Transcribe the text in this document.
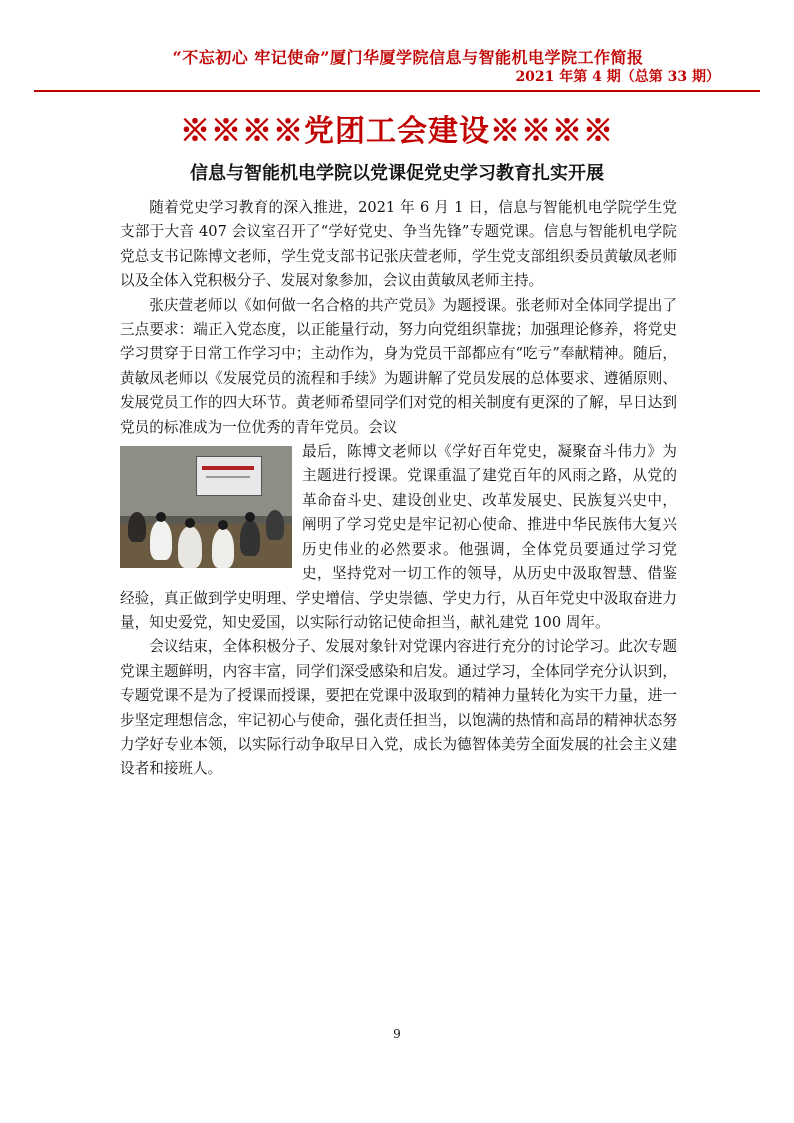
“不忘初心 牢记使命”厦门华厦学院信息与智能机电学院工作简报
2021 年第 4 期（总第 33 期）
※※※※党团工会建设※※※※
信息与智能机电学院以党课促党史学习教育扎实开展

随着党史学习教育的深入推进，2021 年 6 月 1 日，信息与智能机电学院学生党支部于大音 407 会议室召开了“学好党史、争当先锋”专题党课。信息与智能机电学院党总支书记陈博文老师，学生党支部书记张庆萱老师，学生党支部组织委员黄敏凤老师以及全体入党积极分子、发展对象参加，会议由黄敏凤老师主持。

张庆萱老师以《如何做一名合格的共产党员》为题授课。张老师对全体同学提出了三点要求：端正入党态度，以正能量行动，努力向党组织靠拢；加强理论修养，将党史学习贯穿于日常工作学习中；主动作为，身为党员干部都应有“吃亏”奉献精神。随后，黄敏凤老师以《发展党员的流程和手续》为题讲解了党员发展的总体要求、遵循原则、发展党员工作的四大环节。黄老师希望同学们对党的相关制度有更深的了解，早日达到党员的标准成为一位优秀的青年党员。会议

最后，陈博文老师以《学好百年党史，凝聚奋斗伟力》为主题进行授课。党课重温了建党百年的风雨之路，从党的革命奋斗史、建设创业史、改革发展史、民族复兴史中，阐明了学习党史是牢记初心使命、推进中华民族伟大复兴历史伟业的必然要求。他强调，全体党员要通过学习党史，坚持党对一切工作的领导，从历史中汲取智慧、借鉴经验，真正做到学史明理、学史增信、学史崇德、学史力行，从百年党史中汲取奋进力量，知史爱党，知史爱国，以实际行动铭记使命担当，献礼建党 100 周年。

会议结束，全体积极分子、发展对象针对党课内容进行充分的讨论学习。此次专题党课主题鲜明，内容丰富，同学们深受感染和启发。通过学习，全体同学充分认识到，专题党课不是为了授课而授课，要把在党课中汲取到的精神力量转化为实干力量，进一步坚定理想信念，牢记初心与使命，强化责任担当，以饱满的热情和高昂的精神状态努力学好专业本领，以实际行动争取早日入党，成长为德智体美劳全面发展的社会主义建设者和接班人。

9
